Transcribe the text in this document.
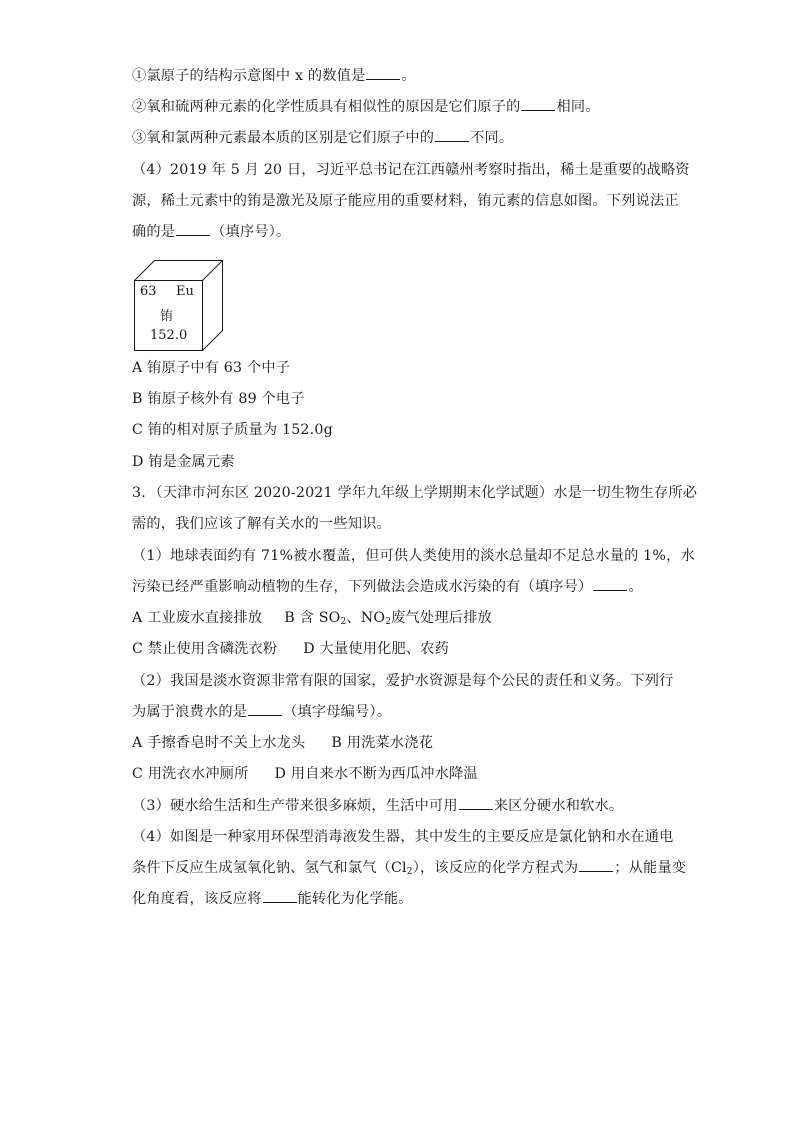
①氯原子的结构示意图中 x 的数值是	。
②氧和硫两种元素的化学性质具有相似性的原因是它们原子的	相同。
③氧和氯两种元素最本质的区别是它们原子中的	不同。
（4）2019 年 5 月 20 日，习近平总书记在江西赣州考察时指出，稀土是重要的战略资
源，稀土元素中的铕是激光及原子能应用的重要材料，铕元素的信息如图。下列说法正
确的是	（填序号）。
63 Eu
铕
152.0
A 铕原子中有 63 个中子
B 铕原子核外有 89 个电子
C 铕的相对原子质量为 152.0g
D 铕是金属元素
3．（天津市河东区 2020-2021 学年九年级上学期期末化学试题）水是一切生物生存所必
需的，我们应该了解有关水的一些知识。
（1）地球表面约有 71%被水覆盖，但可供人类使用的淡水总量却不足总水量的 1%，水
污染已经严重影响动植物的生存，下列做法会造成水污染的有（填序号）	。
A 工业废水直接排放 B 含 $SO_2$、$NO_2$废气处理后排放
C 禁止使用含磷洗衣粉 D 大量使用化肥、农药
（2）我国是淡水资源非常有限的国家，爱护水资源是每个公民的责任和义务。下列行
为属于浪费水的是	（填字母编号）。
A 手擦香皂时不关上水龙头 B 用洗菜水浇花
C 用洗衣水冲厕所 D 用自来水不断为西瓜冲水降温
（3）硬水给生活和生产带来很多麻烦，生活中可用	来区分硬水和软水。
（4）如图是一种家用环保型消毒液发生器，其中发生的主要反应是氯化钠和水在通电
条件下反应生成氢氧化钠、氢气和氯气$(Cl_2)$，该反应的化学方程式为	；从能量变
化角度看，该反应将	能转化为化学能。
